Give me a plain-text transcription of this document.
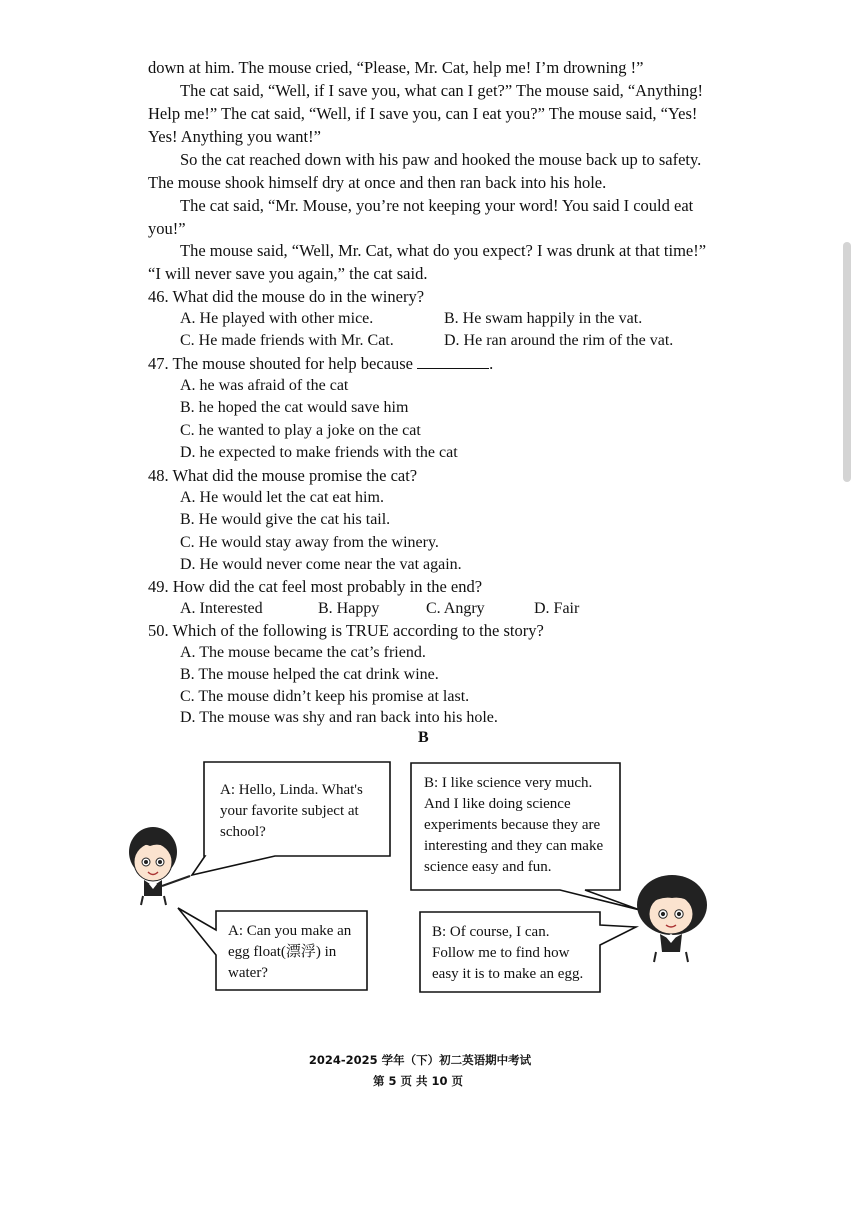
down at him. The mouse cried, “Please, Mr. Cat, help me! I’m drowning !”
The cat said, “Well, if I save you, what can I get?” The mouse said, “Anything!
Help me!” The cat said, “Well, if I save you, can I eat you?” The mouse said, “Yes!
Yes! Anything you want!”
So the cat reached down with his paw and hooked the mouse back up to safety.
The mouse shook himself dry at once and then ran back into his hole.
The cat said, “Mr. Mouse, you’re not keeping your word! You said I could eat
you!”
The mouse said, “Well, Mr. Cat, what do you expect? I was drunk at that time!”
“I will never save you again,” the cat said.
46. What did the mouse do in the winery?
A. He played with other mice.	B. He swam happily in the vat.
C. He made friends with Mr. Cat.	D. He ran around the rim of the vat.
47. The mouse shouted for help because	.
A. he was afraid of the cat
B. he hoped the cat would save him
C. he wanted to play a joke on the cat
D. he expected to make friends with the cat
48. What did the mouse promise the cat?
A. He would let the cat eat him.
B. He would give the cat his tail.
C. He would stay away from the winery.
D. He would never come near the vat again.
49. How did the cat feel most probably in the end?
A. Interested	B. Happy	C. Angry	D. Fair
50. Which of the following is TRUE according to the story?
A. The mouse became the cat’s friend.
B. The mouse helped the cat drink wine.
C. The mouse didn’t keep his promise at last.
D. The mouse was shy and ran back into his hole.
B
A: Hello, Linda. What's
your favorite subject at
school?
B: I like science very much.
And I like doing science
experiments because they are
interesting and they can make
science easy and fun.
A: Can you make an
egg float(漂浮) in
water?
B: Of course, I can.
Follow me to find how
easy it is to make an egg.
2024-2025 学年（下）初二英语期中考试
第 5 页 共 10 页
